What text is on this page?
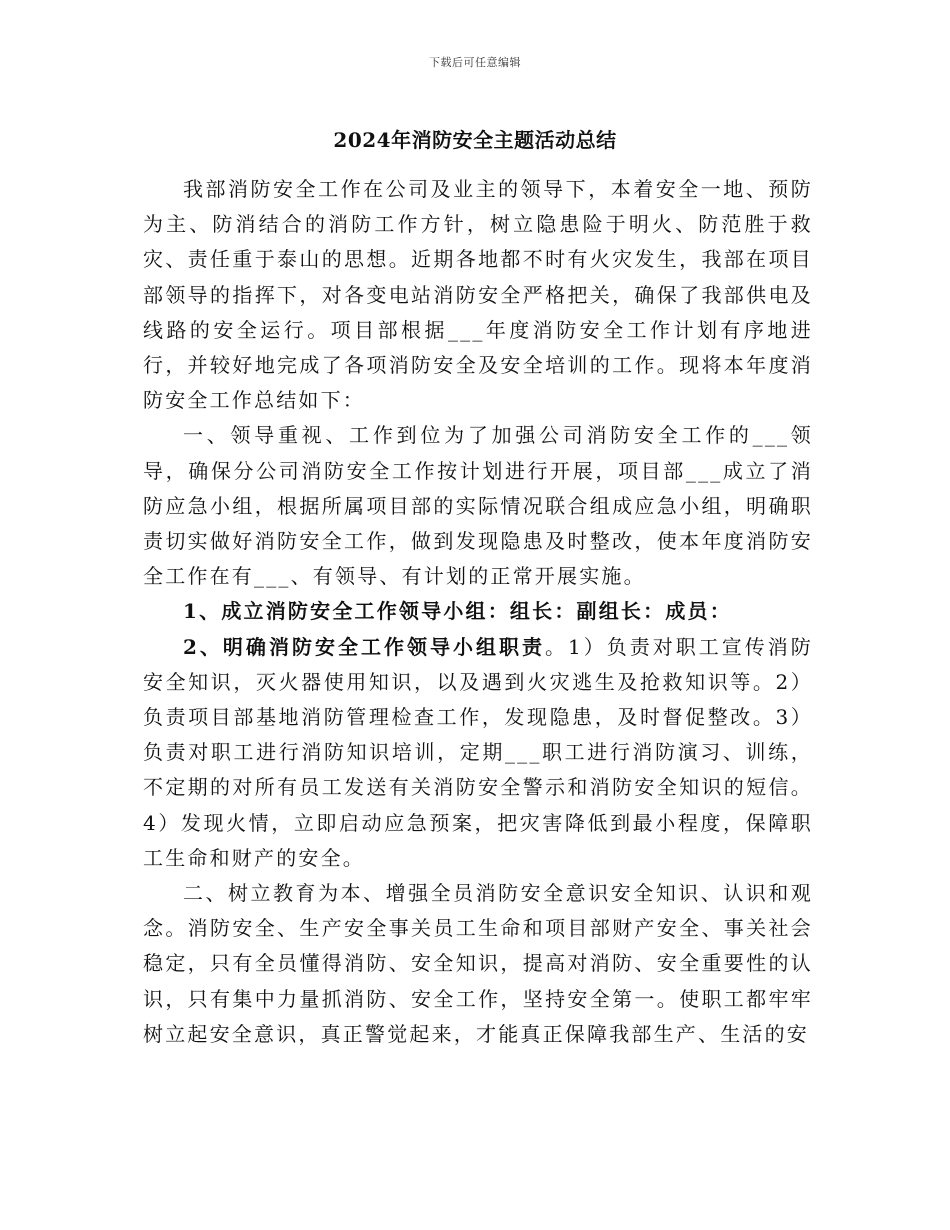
下载后可任意编辑
2024年消防安全主题活动总结

我部消防安全工作在公司及业主的领导下，本着安全一地、预防为主、防消结合的消防工作方针，树立隐患险于明火、防范胜于救灾、责任重于泰山的思想。近期各地都不时有火灾发生，我部在项目部领导的指挥下，对各变电站消防安全严格把关，确保了我部供电及线路的安全运行。项目部根据___年度消防安全工作计划有序地进行，并较好地完成了各项消防安全及安全培训的工作。现将本年度消防安全工作总结如下：

一、领导重视、工作到位为了加强公司消防安全工作的___领导，确保分公司消防安全工作按计划进行开展，项目部___成立了消防应急小组，根据所属项目部的实际情况联合组成应急小组，明确职责切实做好消防安全工作，做到发现隐患及时整改，使本年度消防安全工作在有___、有领导、有计划的正常开展实施。

1、成立消防安全工作领导小组：组长：副组长：成员：

2、明确消防安全工作领导小组职责。1）负责对职工宣传消防安全知识，灭火器使用知识，以及遇到火灾逃生及抢救知识等。2）负责项目部基地消防管理检查工作，发现隐患，及时督促整改。3）负责对职工进行消防知识培训，定期___职工进行消防演习、训练，不定期的对所有员工发送有关消防安全警示和消防安全知识的短信。4）发现火情，立即启动应急预案，把灾害降低到最小程度，保障职工生命和财产的安全。

二、树立教育为本、增强全员消防安全意识安全知识、认识和观念。消防安全、生产安全事关员工生命和项目部财产安全、事关社会稳定，只有全员懂得消防、安全知识，提高对消防、安全重要性的认识，只有集中力量抓消防、安全工作，坚持安全第一。使职工都牢牢树立起安全意识，真正警觉起来，才能真正保障我部生产、生活的安
